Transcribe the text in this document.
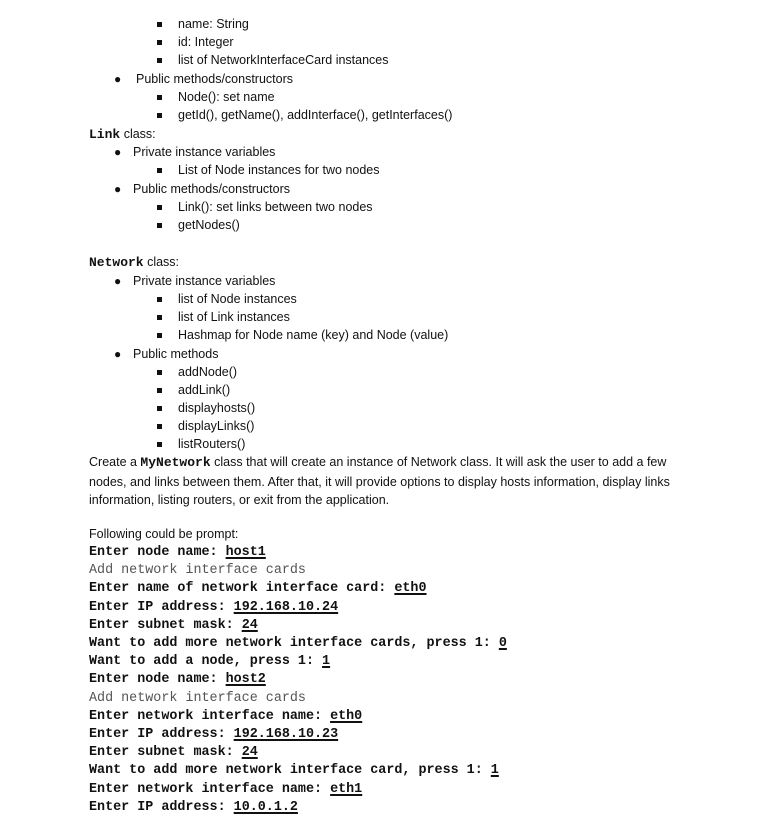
name: String
id: Integer
list of NetworkInterfaceCard instances
● Public methods/constructors
Node(): set name
getId(), getName(), addInterface(), getInterfaces()
Link class:
● Private instance variables
List of Node instances for two nodes
● Public methods/constructors
Link(): set links between two nodes
getNodes()
Network class:
● Private instance variables
list of Node instances
list of Link instances
Hashmap for Node name (key) and Node (value)
● Public methods
addNode()
addLink()
displayhosts()
displayLinks()
listRouters()
Create a MyNetwork class that will create an instance of Network class. It will ask the user to add a few nodes, and links between them. After that, it will provide options to display hosts information, display links information, listing routers, or exit from the application.
Following could be prompt:
Enter node name: host1
Add network interface cards
Enter name of network interface card: eth0
Enter IP address: 192.168.10.24
Enter subnet mask: 24
Want to add more network interface cards, press 1: 0
Want to add a node, press 1: 1
Enter node name: host2
Add network interface cards
Enter network interface name: eth0
Enter IP address: 192.168.10.23
Enter subnet mask: 24
Want to add more network interface card, press 1: 1
Enter network interface name: eth1
Enter IP address: 10.0.1.2
